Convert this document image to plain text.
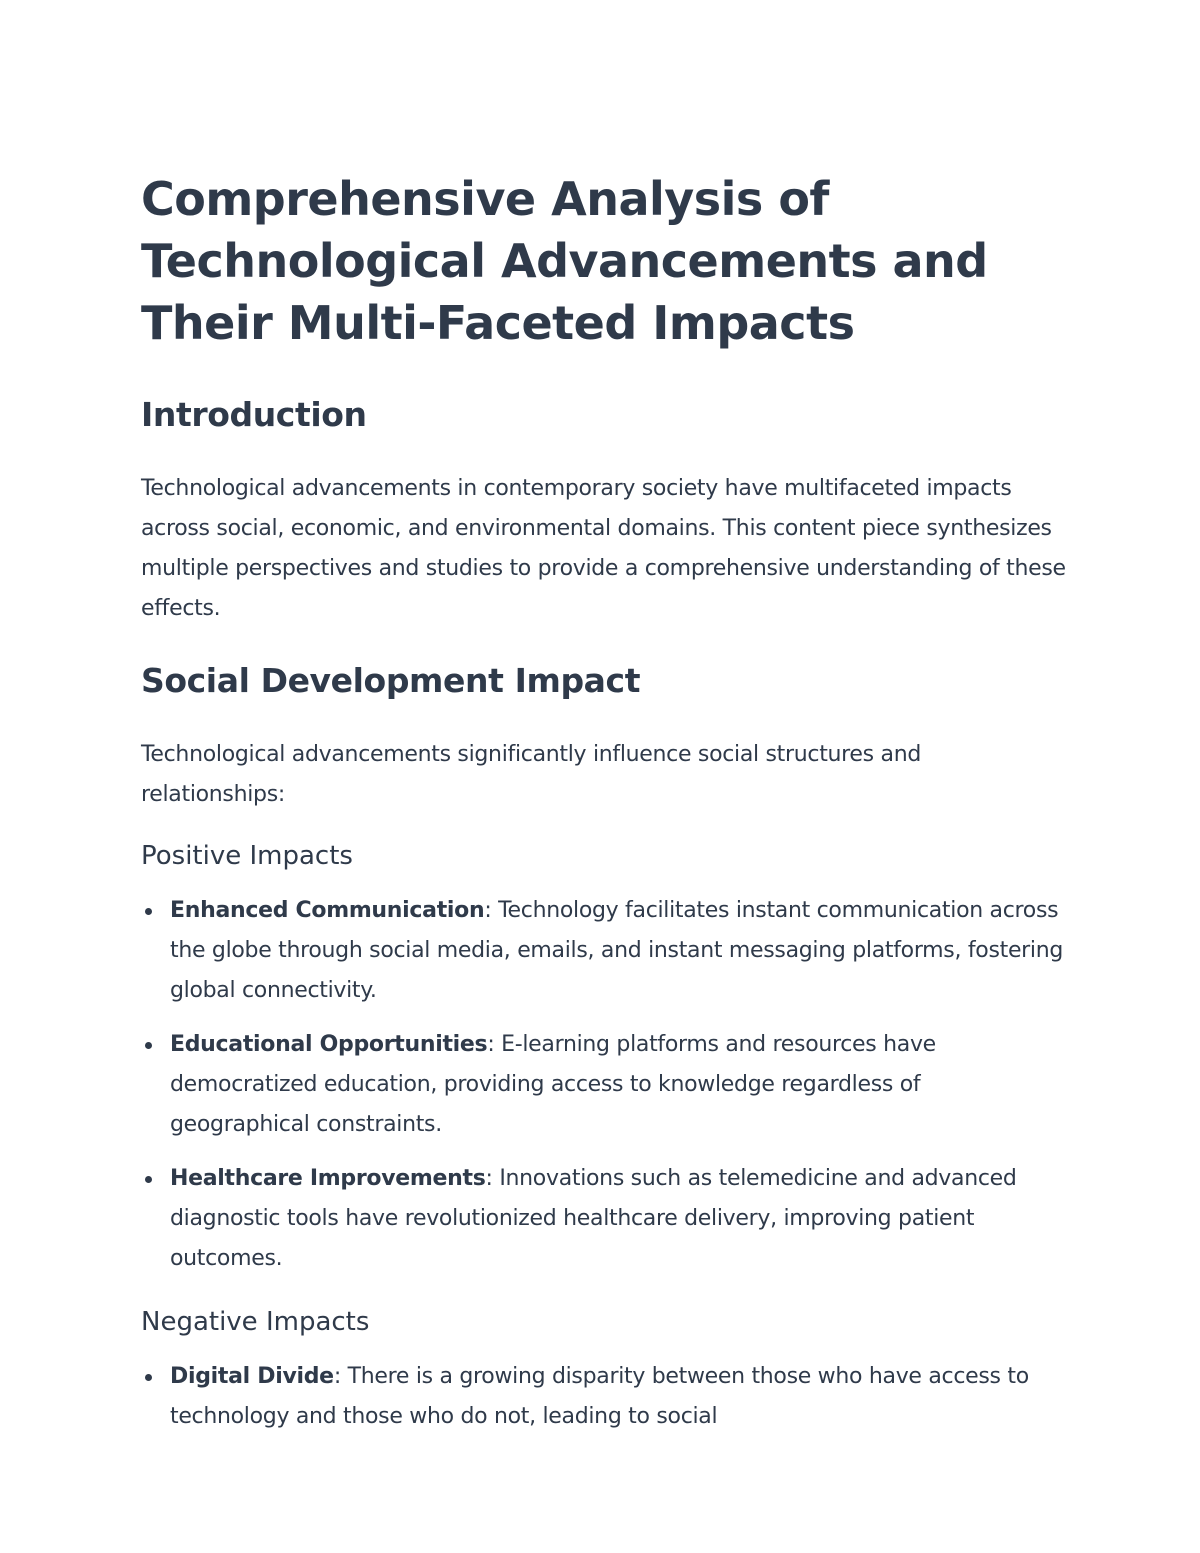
Comprehensive Analysis of Technological Advancements and Their Multi-Faceted Impacts
Introduction

Technological advancements in contemporary society have multifaceted impacts across social, economic, and environmental domains. This content piece synthesizes multiple perspectives and studies to provide a comprehensive understanding of these effects.

Social Development Impact

Technological advancements significantly influence social structures and relationships:

Positive Impacts
Enhanced Communication: Technology facilitates instant communication across the globe through social media, emails, and instant messaging platforms, fostering global connectivity.
Educational Opportunities: E-learning platforms and resources have democratized education, providing access to knowledge regardless of geographical constraints.
Healthcare Improvements: Innovations such as telemedicine and advanced diagnostic tools have revolutionized healthcare delivery, improving patient outcomes.
Negative Impacts
Digital Divide: There is a growing disparity between those who have access to technology and those who do not, leading to social
